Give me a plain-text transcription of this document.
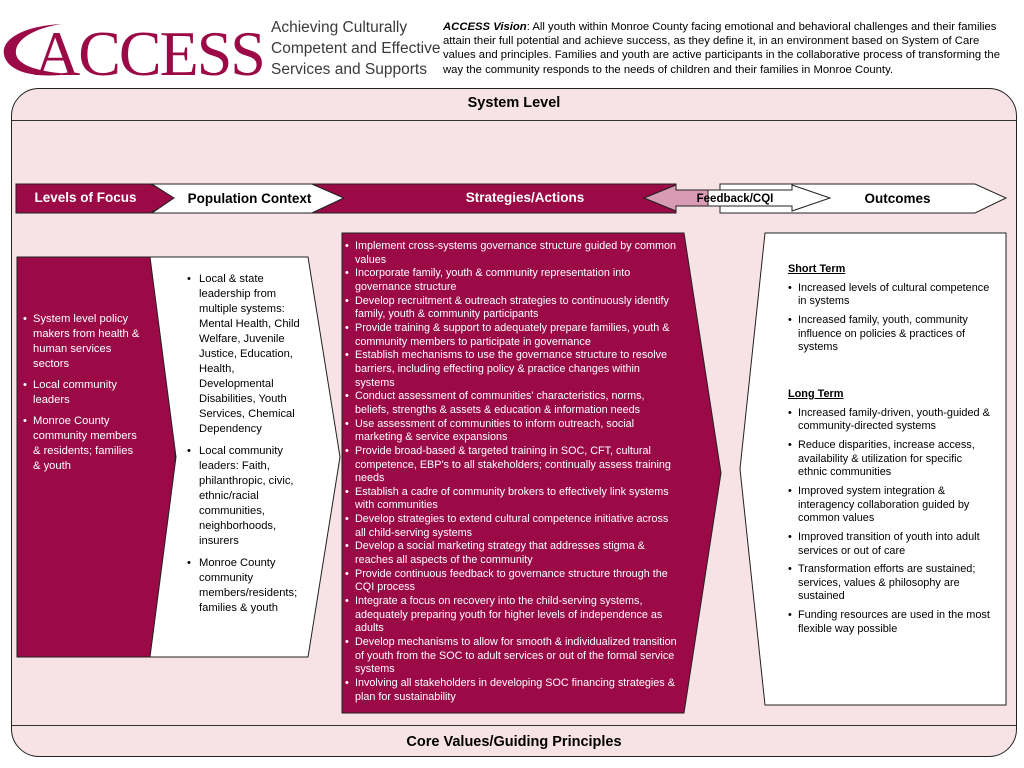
ACCESS Achieving Culturally
Competent and Effective
Services and Supports
ACCESS Vision: All youth within Monroe County facing emotional and behavioral challenges and their families attain their full potential and achieve success, as they define it, in an environment based on System of Care values and principles. Families and youth are active participants in the collaborative process of transforming the way the community responds to the needs of children and their families in Monroe County.
System Level
Core Values/Guiding Principles
Levels of Focus	Population Context	Strategies/Actions	Feedback/CQI	Outcomes
• System level policy makers from health & human services sectors
• Local community leaders
• Monroe County community members & residents; families & youth
• Local & state leadership from multiple systems: Mental Health, Child Welfare, Juvenile Justice, Education, Health, Developmental Disabilities, Youth Services, Chemical Dependency
• Local community leaders: Faith, philanthropic, civic, ethnic/racial communities, neighborhoods, insurers
• Monroe County community members/residents; families & youth
• Implement cross-systems governance structure guided by common values
• Incorporate family, youth & community representation into governance structure
• Develop recruitment & outreach strategies to continuously identify family, youth & community participants
• Provide training & support to adequately prepare families, youth & community members to participate in governance
• Establish mechanisms to use the governance structure to resolve barriers, including effecting policy & practice changes within systems
• Conduct assessment of communities' characteristics, norms, beliefs, strengths & assets & education & information needs
• Use assessment of communities to inform outreach, social marketing & service expansions
• Provide broad-based & targeted training in SOC, CFT, cultural competence, EBP's to all stakeholders; continually assess training needs
• Establish a cadre of community brokers to effectively link systems with communities
• Develop strategies to extend cultural competence initiative across all child-serving systems
• Develop a social marketing strategy that addresses stigma & reaches all aspects of the community
• Provide continuous feedback to governance structure through the CQI process
• Integrate a focus on recovery into the child-serving systems, adequately preparing youth for higher levels of independence as adults
• Develop mechanisms to allow for smooth & individualized transition of youth from the SOC to adult services or out of the formal service systems
• Involving all stakeholders in developing SOC financing strategies & plan for sustainability
Short Term
• Increased levels of cultural competence in systems
• Increased family, youth, community influence on policies & practices of systems
Long Term
• Increased family-driven, youth-guided & community-directed systems
• Reduce disparities, increase access, availability & utilization for specific ethnic communities
• Improved system integration & interagency collaboration guided by common values
• Improved transition of youth into adult services or out of care
• Transformation efforts are sustained; services, values & philosophy are sustained
• Funding resources are used in the most flexible way possible
